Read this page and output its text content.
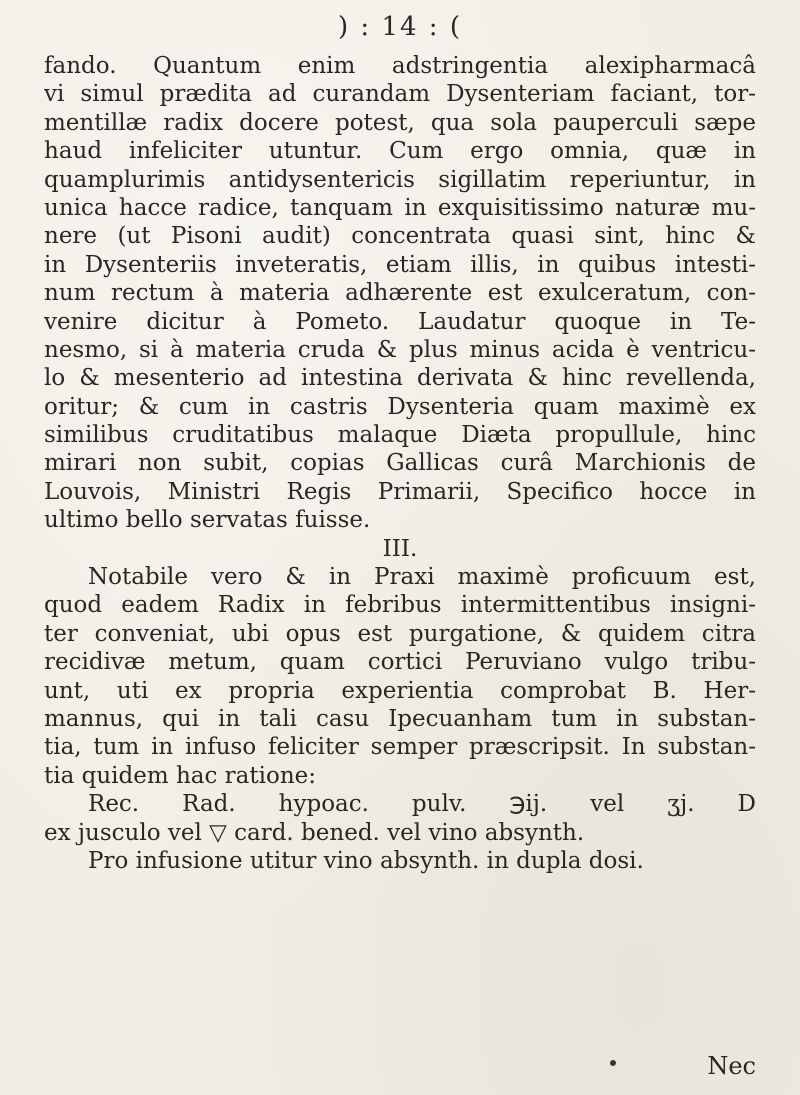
) : 14 : (
fando. Quantum enim adstringentia alexipharmacâ
vi simul prædita ad curandam Dysenteriam faciant, tor-
mentillæ radix docere potest, qua sola pauperculi sæpe
haud infeliciter utuntur. Cum ergo omnia, quæ in
quamplurimis antidysentericis sigillatim reperiuntur, in
unica hacce radice, tanquam in exquisitissimo naturæ mu-
nere (ut Pisoni audit) concentrata quasi sint, hinc &
in Dysenteriis inveteratis, etiam illis, in quibus intesti-
num rectum à materia adhærente est exulceratum, con-
venire dicitur à Pometo. Laudatur quoque in Te-
nesmo, si à materia cruda & plus minus acida è ventricu-
lo & mesenterio ad intestina derivata & hinc revellenda,
oritur; & cum in castris Dysenteria quam maximè ex
similibus cruditatibus malaque Diæta propullule, hinc
mirari non subit, copias Gallicas curâ Marchionis de
Louvois, Ministri Regis Primarii, Specifico hocce in
ultimo bello servatas fuisse.
III.
Notabile vero & in Praxi maximè proficuum est,
quod eadem Radix in febribus intermittentibus insigni-
ter conveniat, ubi opus est purgatione, & quidem citra
recidivæ metum, quam cortici Peruviano vulgo tribu-
unt, uti ex propria experientia comprobat B. Her-
mannus, qui in tali casu Ipecuanham tum in substan-
tia, tum in infuso feliciter semper præscripsit. In substan-
tia quidem hac ratione:
Rec. Rad. hypoac. pulv. ℈ij. vel ʒj. D
ex jusculo vel ▽ card. bened. vel vino absynth.
Pro infusione utitur vino absynth. in dupla dosi.
Nec
